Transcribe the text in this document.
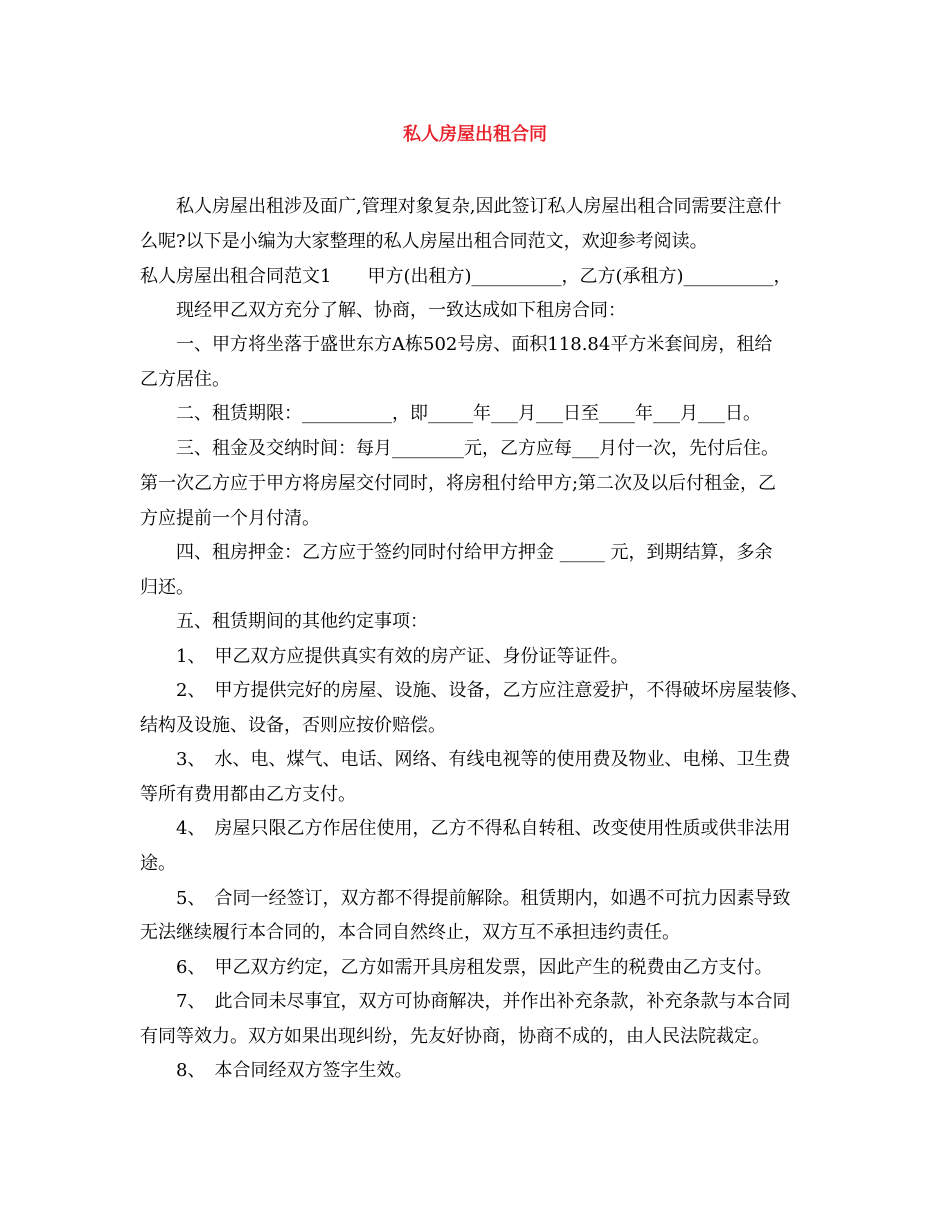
私人房屋出租合同
私人房屋出租涉及面广,管理对象复杂,因此签订私人房屋出租合同需要注意什
么呢?以下是小编为大家整理的私人房屋出租合同范文，欢迎参考阅读。
私人房屋出租合同范文1　　甲方(出租方)__________，乙方(承租方)__________，
现经甲乙双方充分了解、协商，一致达成如下租房合同：
一、甲方将坐落于盛世东方A栋502号房、面积118.84平方米套间房，租给
乙方居住。
二、租赁期限：__________，即_____年___月___日至____年___月___日。
三、租金及交纳时间：每月________元，乙方应每___月付一次，先付后住。
第一次乙方应于甲方将房屋交付同时，将房租付给甲方;第二次及以后付租金，乙
方应提前一个月付清。
四、租房押金：乙方应于签约同时付给甲方押金 _____ 元，到期结算，多余
归还。
五、租赁期间的其他约定事项：
1、　甲乙双方应提供真实有效的房产证、身份证等证件。
2、　甲方提供完好的房屋、设施、设备，乙方应注意爱护，不得破坏房屋装修、
结构及设施、设备，否则应按价赔偿。
3、　水、电、煤气、电话、网络、有线电视等的使用费及物业、电梯、卫生费
等所有费用都由乙方支付。
4、　房屋只限乙方作居住使用，乙方不得私自转租、改变使用性质或供非法用
途。
5、　合同一经签订，双方都不得提前解除。租赁期内，如遇不可抗力因素导致
无法继续履行本合同的，本合同自然终止，双方互不承担违约责任。
6、　甲乙双方约定，乙方如需开具房租发票，因此产生的税费由乙方支付。
7、　此合同未尽事宜，双方可协商解决，并作出补充条款，补充条款与本合同
有同等效力。双方如果出现纠纷，先友好协商，协商不成的，由人民法院裁定。
8、　本合同经双方签字生效。
